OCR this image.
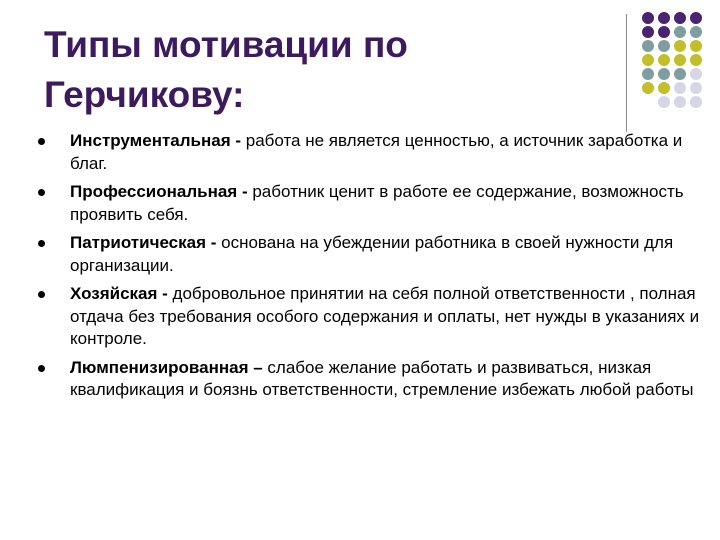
Типы мотивации по Герчикову:
Инструментальная - работа не является ценностью, а источник заработка и благ.
Профессиональная - работник ценит в работе ее содержание, возможность проявить себя.
Патриотическая - основана на убеждении работника в своей нужности для организации.
Хозяйская - добровольное принятии на себя полной ответственности , полная отдача без требования особого содержания и оплаты, нет нужды в указаниях и контроле.
Люмпенизированная – слабое желание работать и развиваться, низкая квалификация и боязнь ответственности, стремление избежать любой работы
